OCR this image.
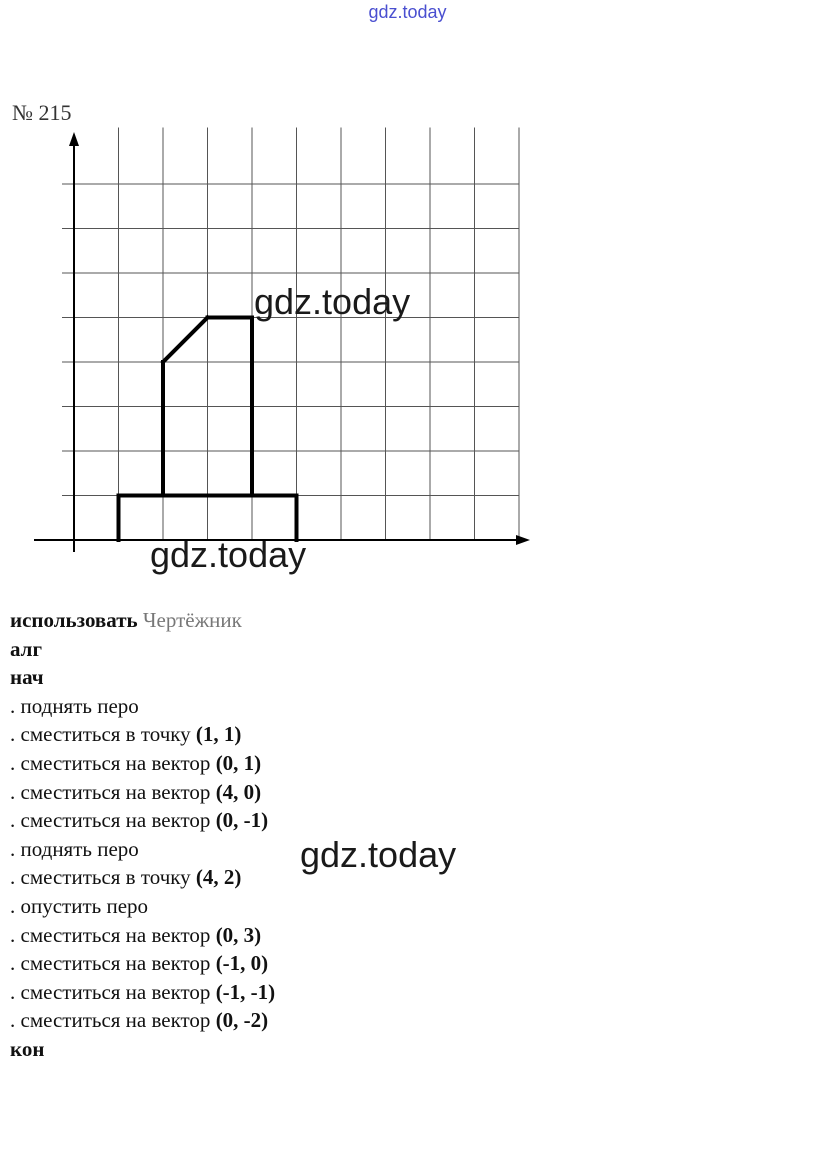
gdz.today
№ 215
gdz.today
gdz.today
gdz.today
использовать Чертёжник
алг
нач
. поднять перо
. сместиться в точку (1, 1)
. сместиться на вектор (0, 1)
. сместиться на вектор (4, 0)
. сместиться на вектор (0, -1)
. поднять перо
. сместиться в точку (4, 2)
. опустить перо
. сместиться на вектор (0, 3)
. сместиться на вектор (-1, 0)
. сместиться на вектор (-1, -1)
. сместиться на вектор (0, -2)
кон
